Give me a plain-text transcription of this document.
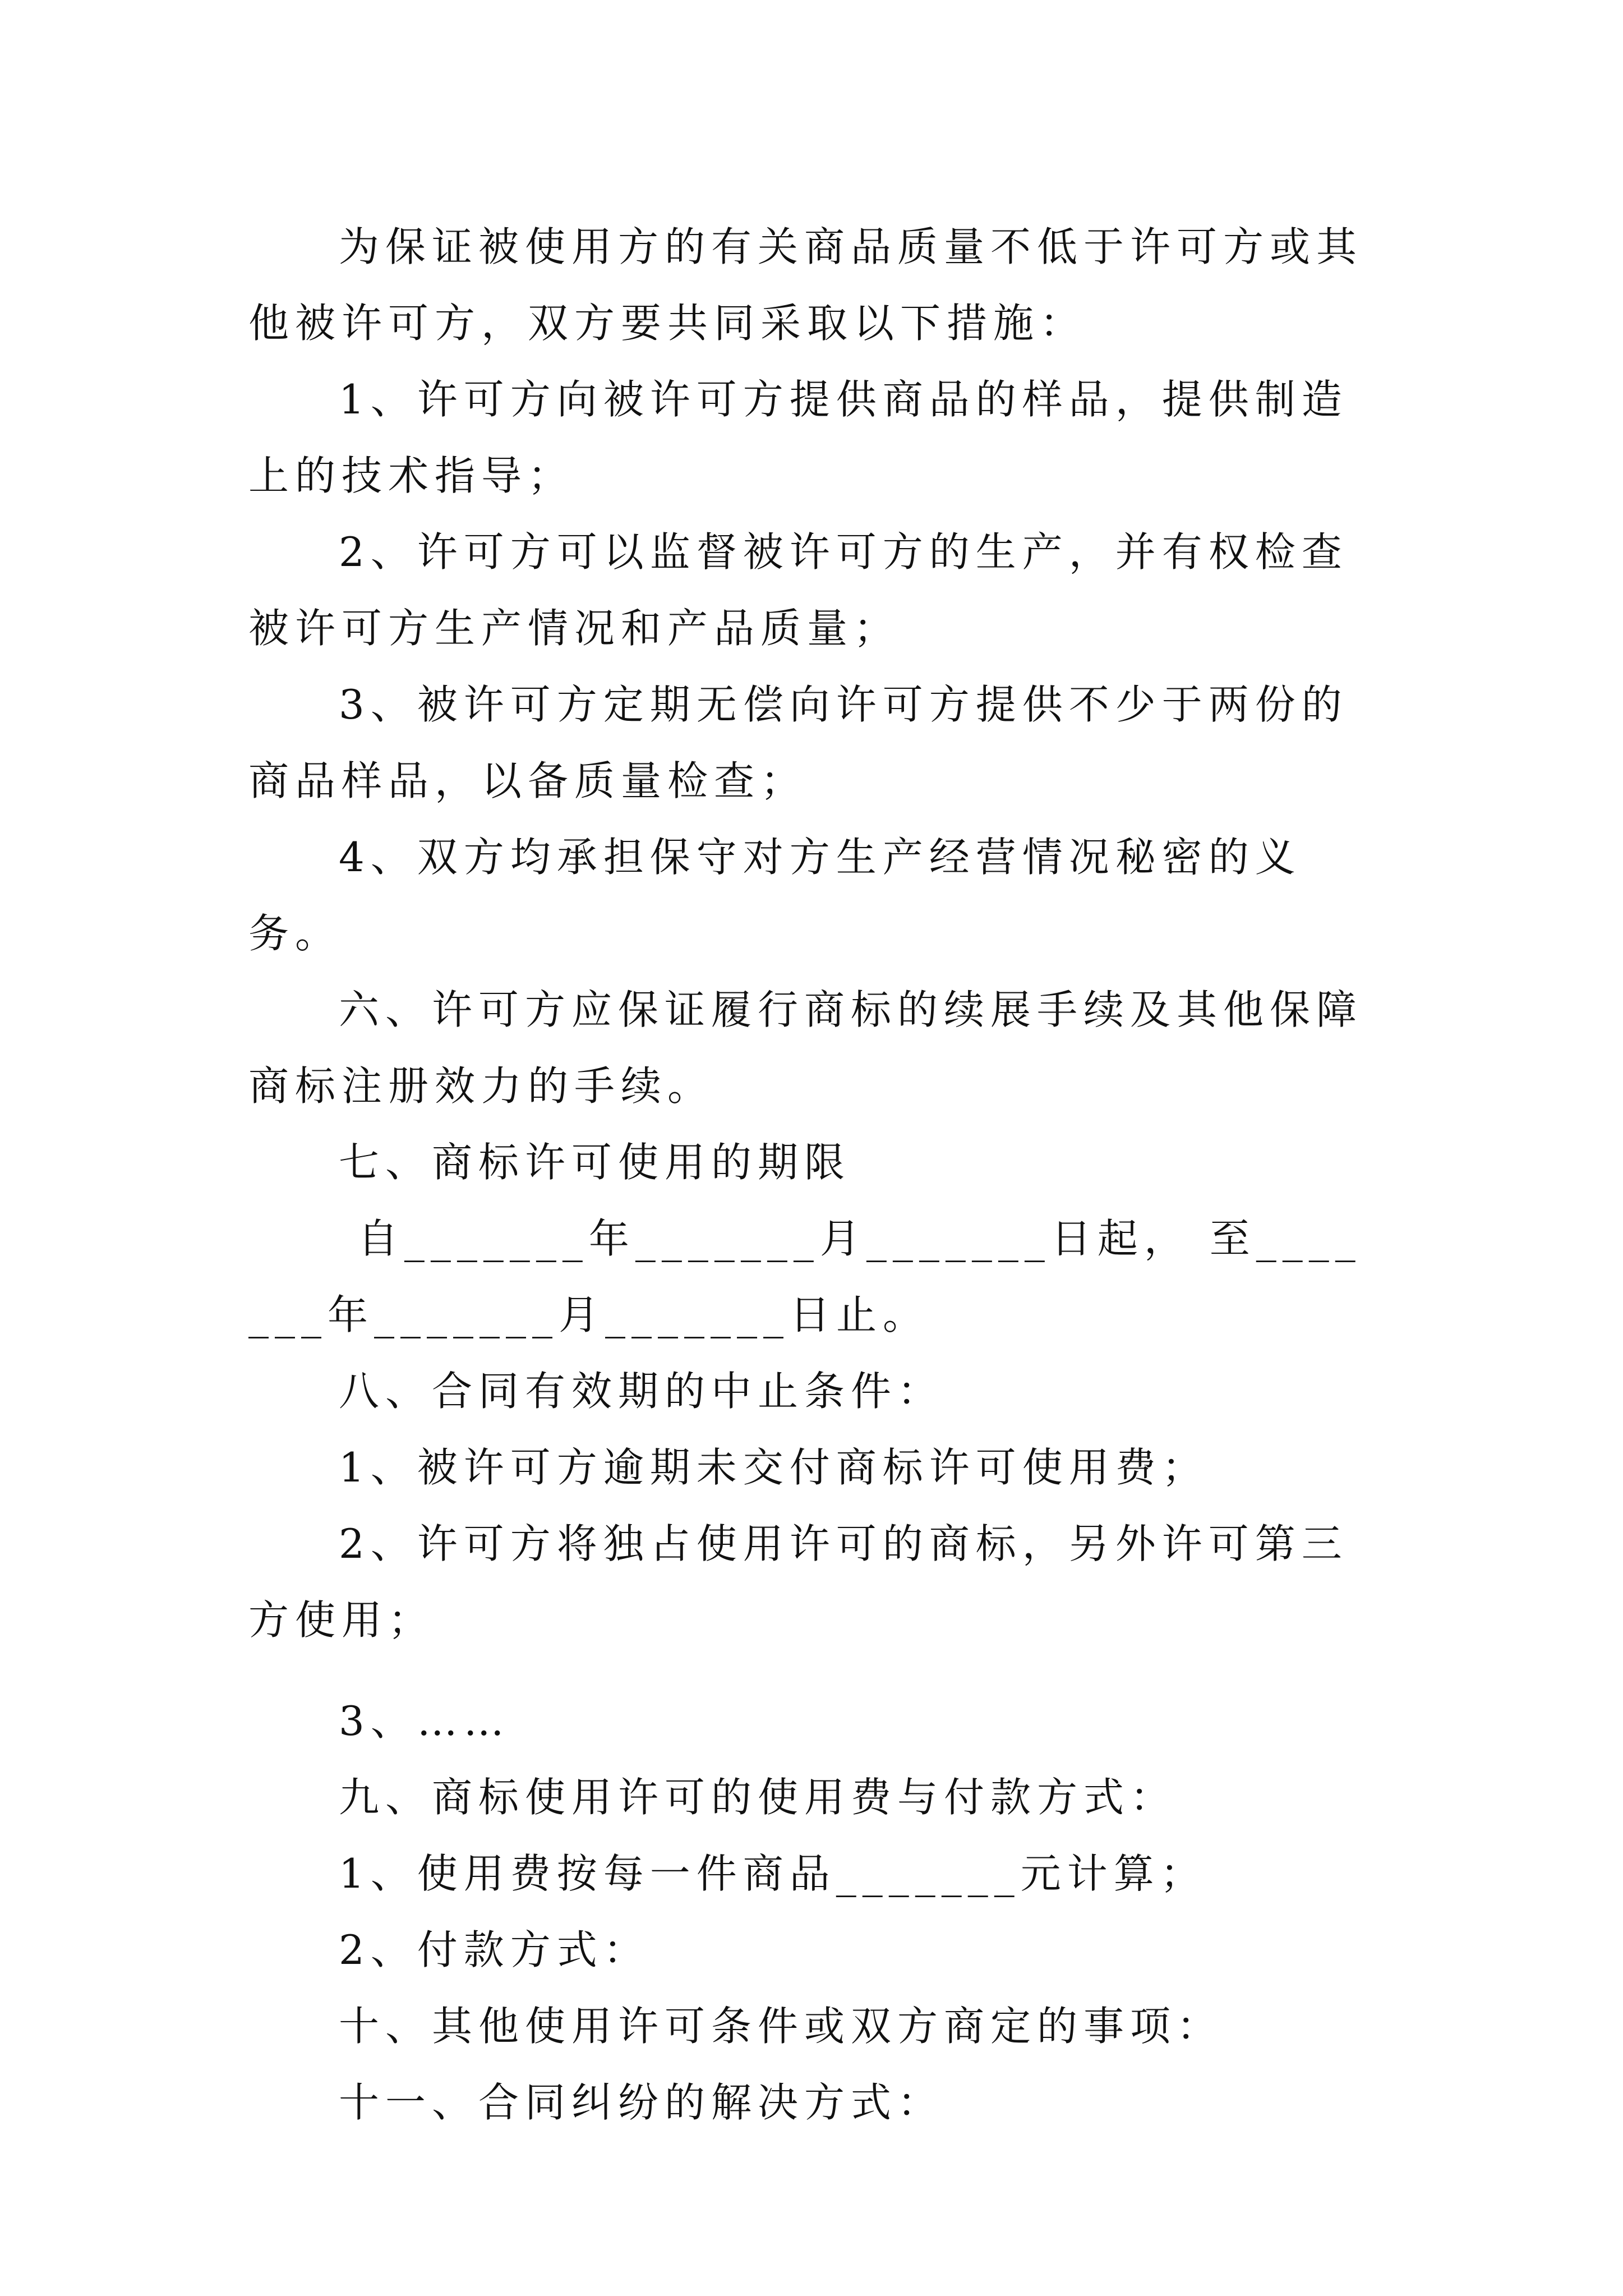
为保证被使用方的有关商品质量不低于许可方或其他被许可方，双方要共同采取以下措施：

1、许可方向被许可方提供商品的样品，提供制造上的技术指导；

2、许可方可以监督被许可方的生产，并有权检查被许可方生产情况和产品质量；

3、被许可方定期无偿向许可方提供不少于两份的商品样品，以备质量检查；

4、双方均承担保守对方生产经营情况秘密的义务。

六、许可方应保证履行商标的续展手续及其他保障商标注册效力的手续。

七、商标许可使用的期限

自_______年_______月_______日起， 至_______年_______月_______日止。

八、合同有效期的中止条件：

1、被许可方逾期未交付商标许可使用费；

2、许可方将独占使用许可的商标，另外许可第三方使用；

3、……

九、商标使用许可的使用费与付款方式：

1、使用费按每一件商品_______元计算；

2、付款方式：

十、其他使用许可条件或双方商定的事项：

十一、合同纠纷的解决方式：
